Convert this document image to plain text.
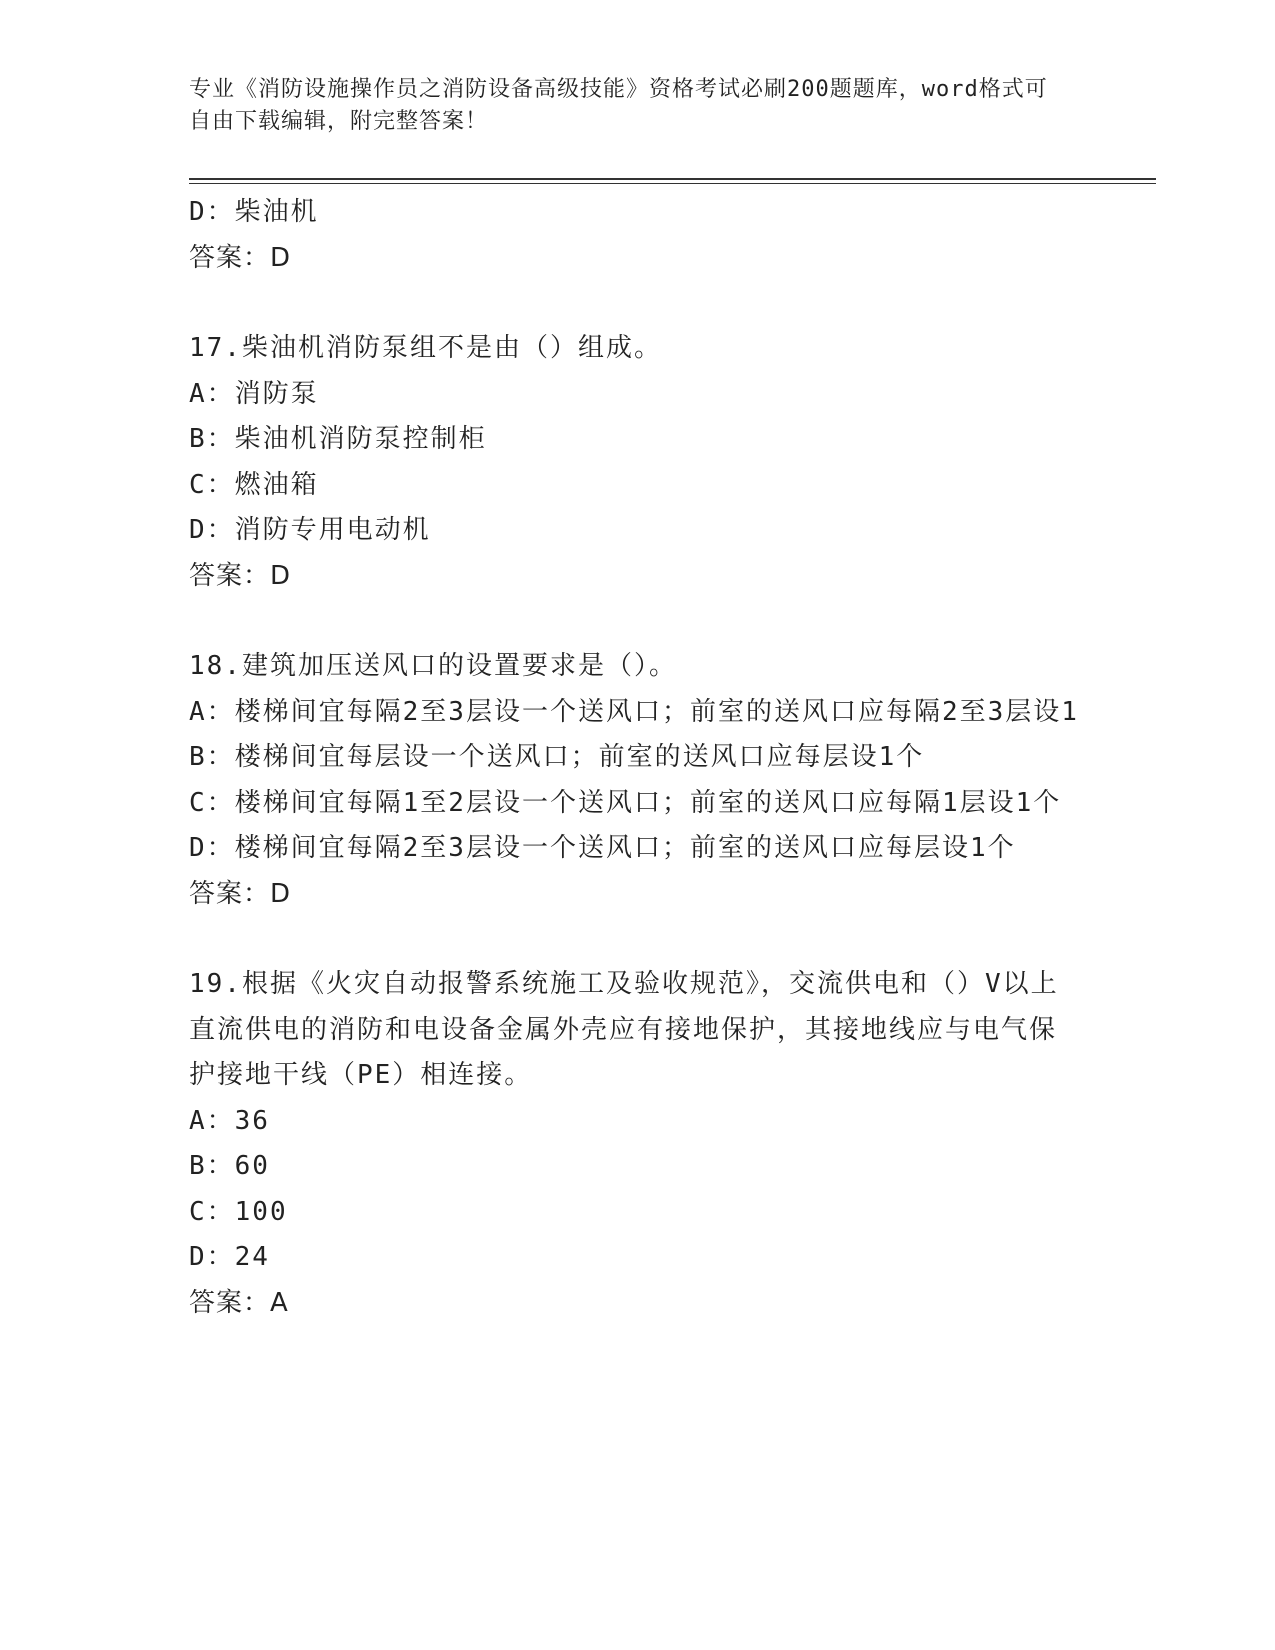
专业《消防设施操作员之消防设备高级技能》资格考试必刷200题题库，word格式可自由下载编辑，附完整答案！

D：柴油机

答案：D

17.柴油机消防泵组不是由（）组成。

A：消防泵

B：柴油机消防泵控制柜

C：燃油箱

D：消防专用电动机

答案：D

18.建筑加压送风口的设置要求是（）。

A：楼梯间宜每隔2至3层设一个送风口；前室的送风口应每隔2至3层设1

B：楼梯间宜每层设一个送风口；前室的送风口应每层设1个

C：楼梯间宜每隔1至2层设一个送风口；前室的送风口应每隔1层设1个

D：楼梯间宜每隔2至3层设一个送风口；前室的送风口应每层设1个

答案：D

19.根据《火灾自动报警系统施工及验收规范》，交流供电和（）V以上直流供电的消防和电设备金属外壳应有接地保护，其接地线应与电气保护接地干线（PE）相连接。

A：36

B：60

C：100

D：24

答案：A
